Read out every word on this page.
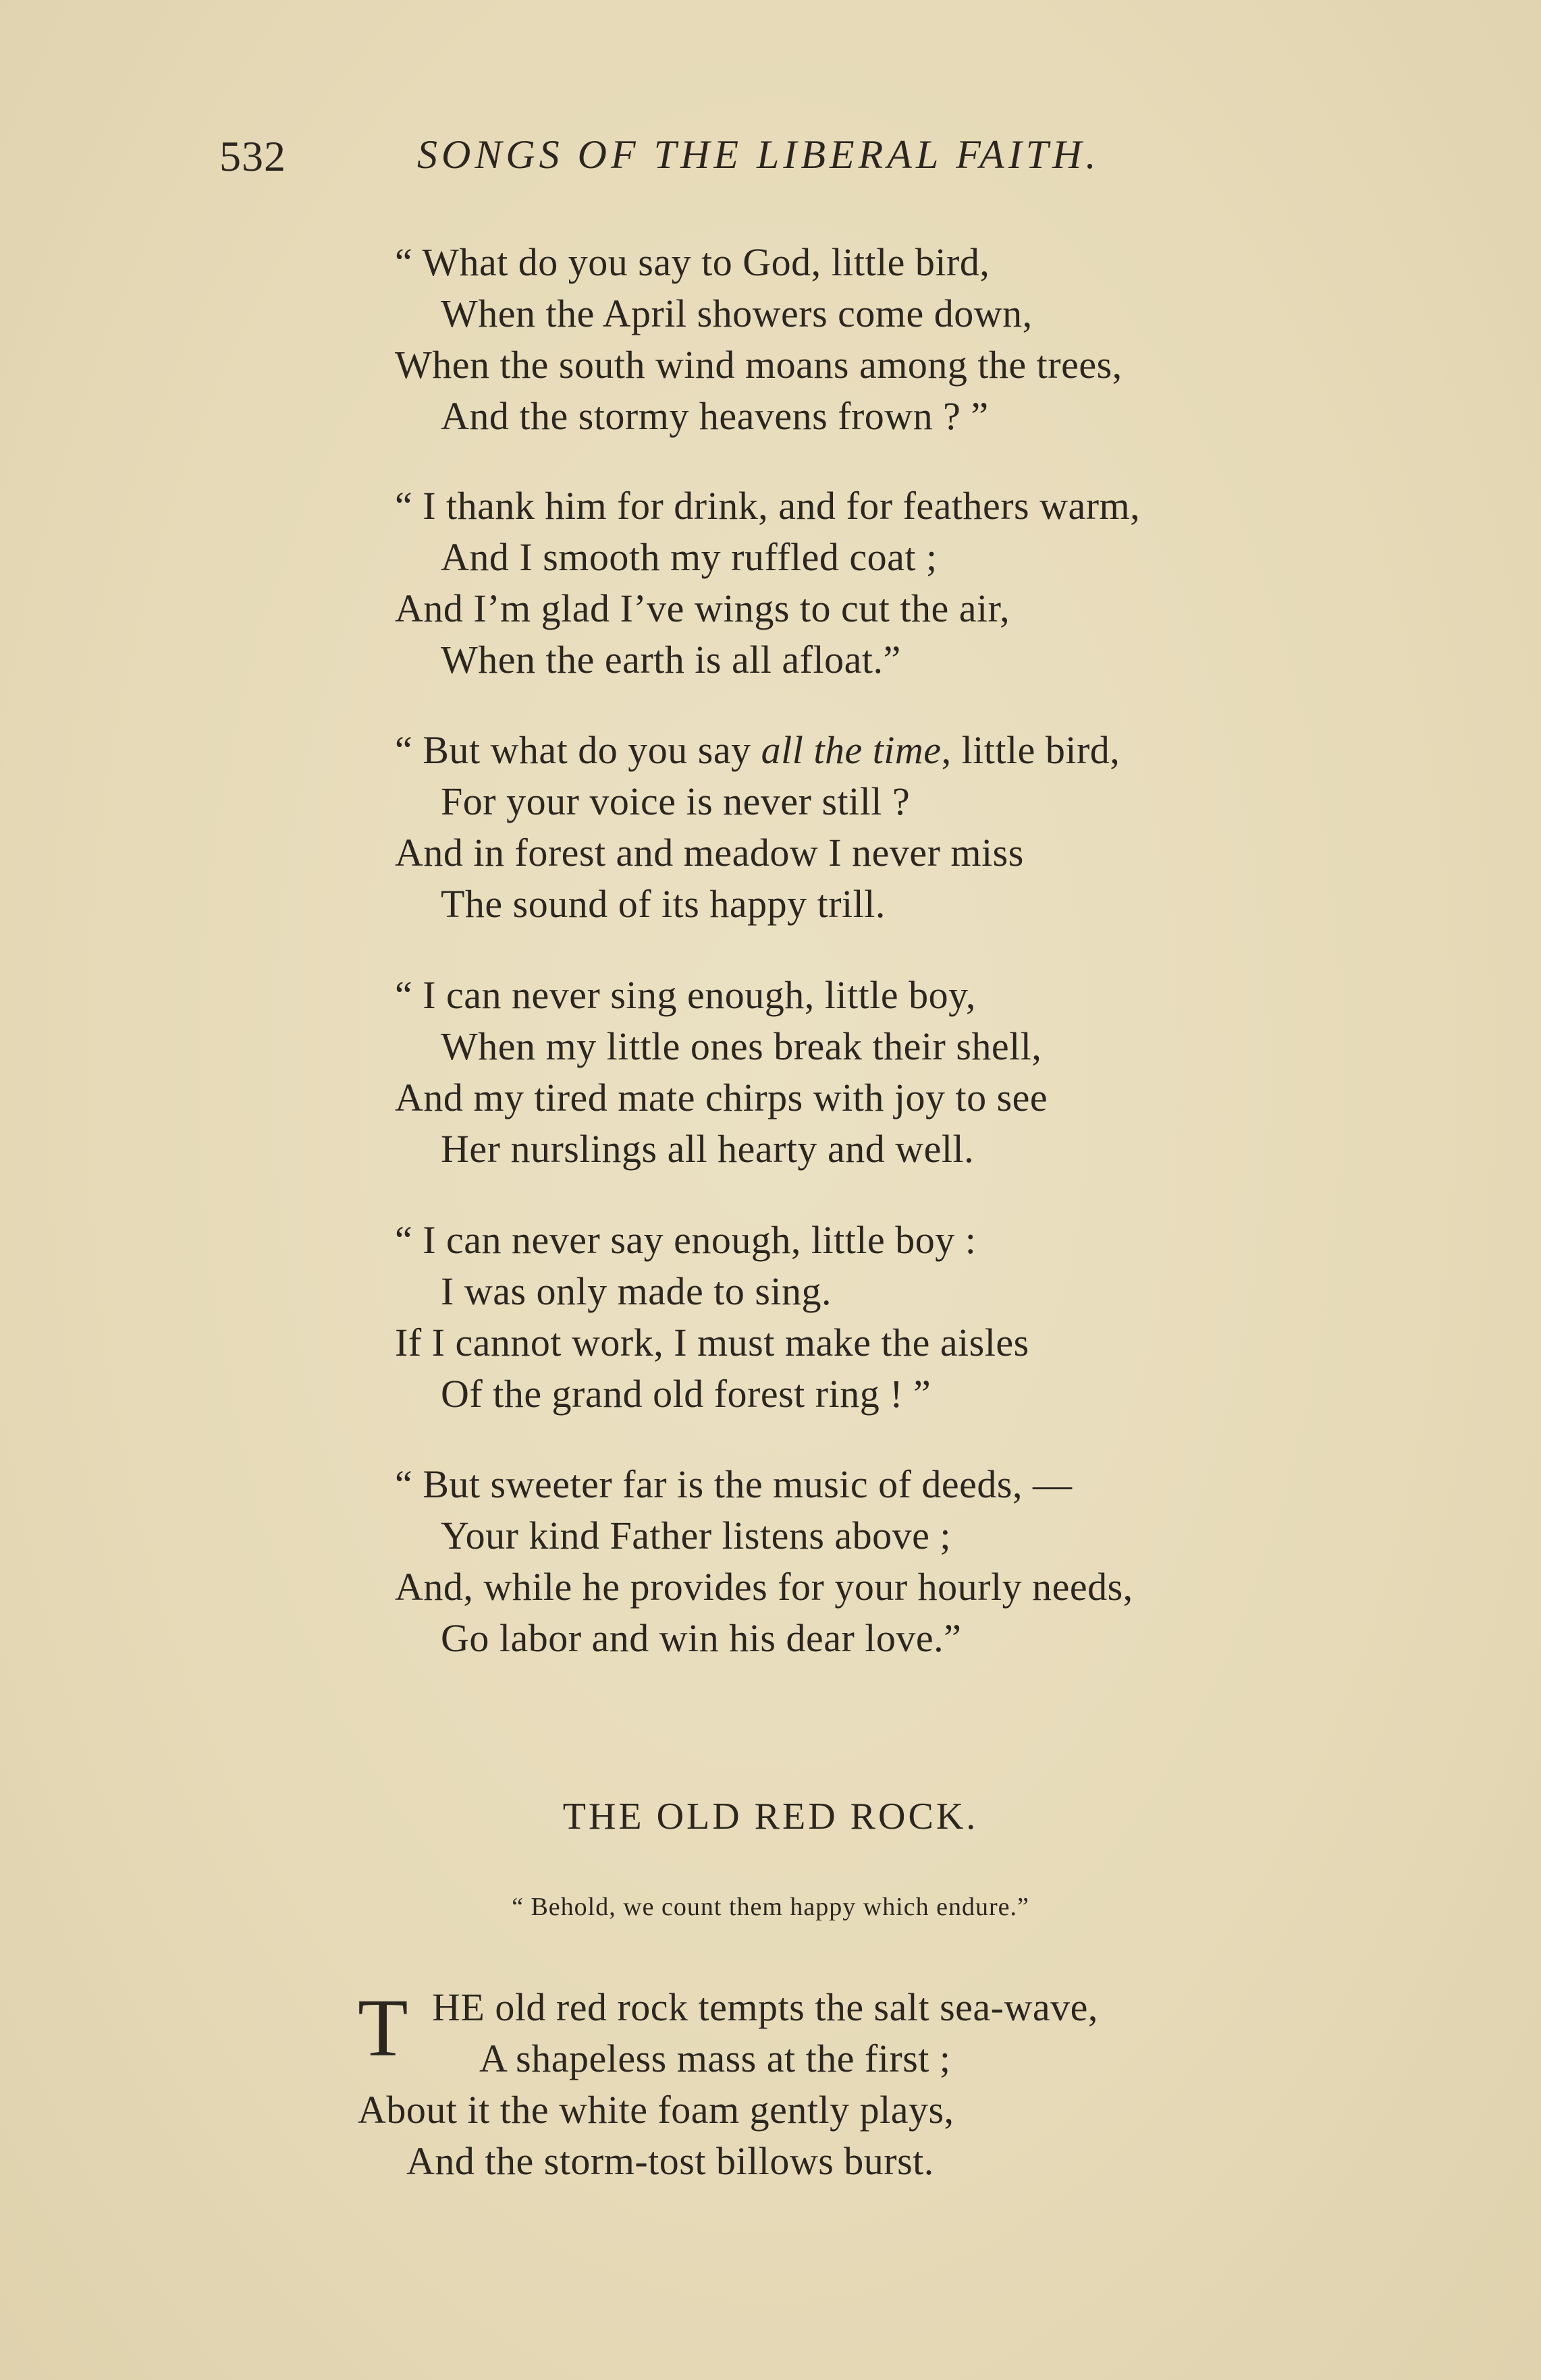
532	SONGS OF THE LIBERAL FAITH.
“ What do you say to God, little bird,
When the April showers come down,
When the south wind moans among the trees,
And the stormy heavens frown ? ”
“ I thank him for drink, and for feathers warm,
And I smooth my ruffled coat ;
And I’m glad I’ve wings to cut the air,
When the earth is all afloat.”
“ But what do you say all the time, little bird,
For your voice is never still ?
And in forest and meadow I never miss
The sound of its happy trill.
“ I can never sing enough, little boy,
When my little ones break their shell,
And my tired mate chirps with joy to see
Her nurslings all hearty and well.
“ I can never say enough, little boy :
I was only made to sing.
If I cannot work, I must make the aisles
Of the grand old forest ring ! ”
“ But sweeter far is the music of deeds, —
Your kind Father listens above ;
And, while he provides for your hourly needs,
Go labor and win his dear love.”
THE OLD RED ROCK.
“ Behold, we count them happy which endure.”
T HE old red rock tempts the salt sea-wave,
A shapeless mass at the first ;
About it the white foam gently plays,
And the storm-tost billows burst.
